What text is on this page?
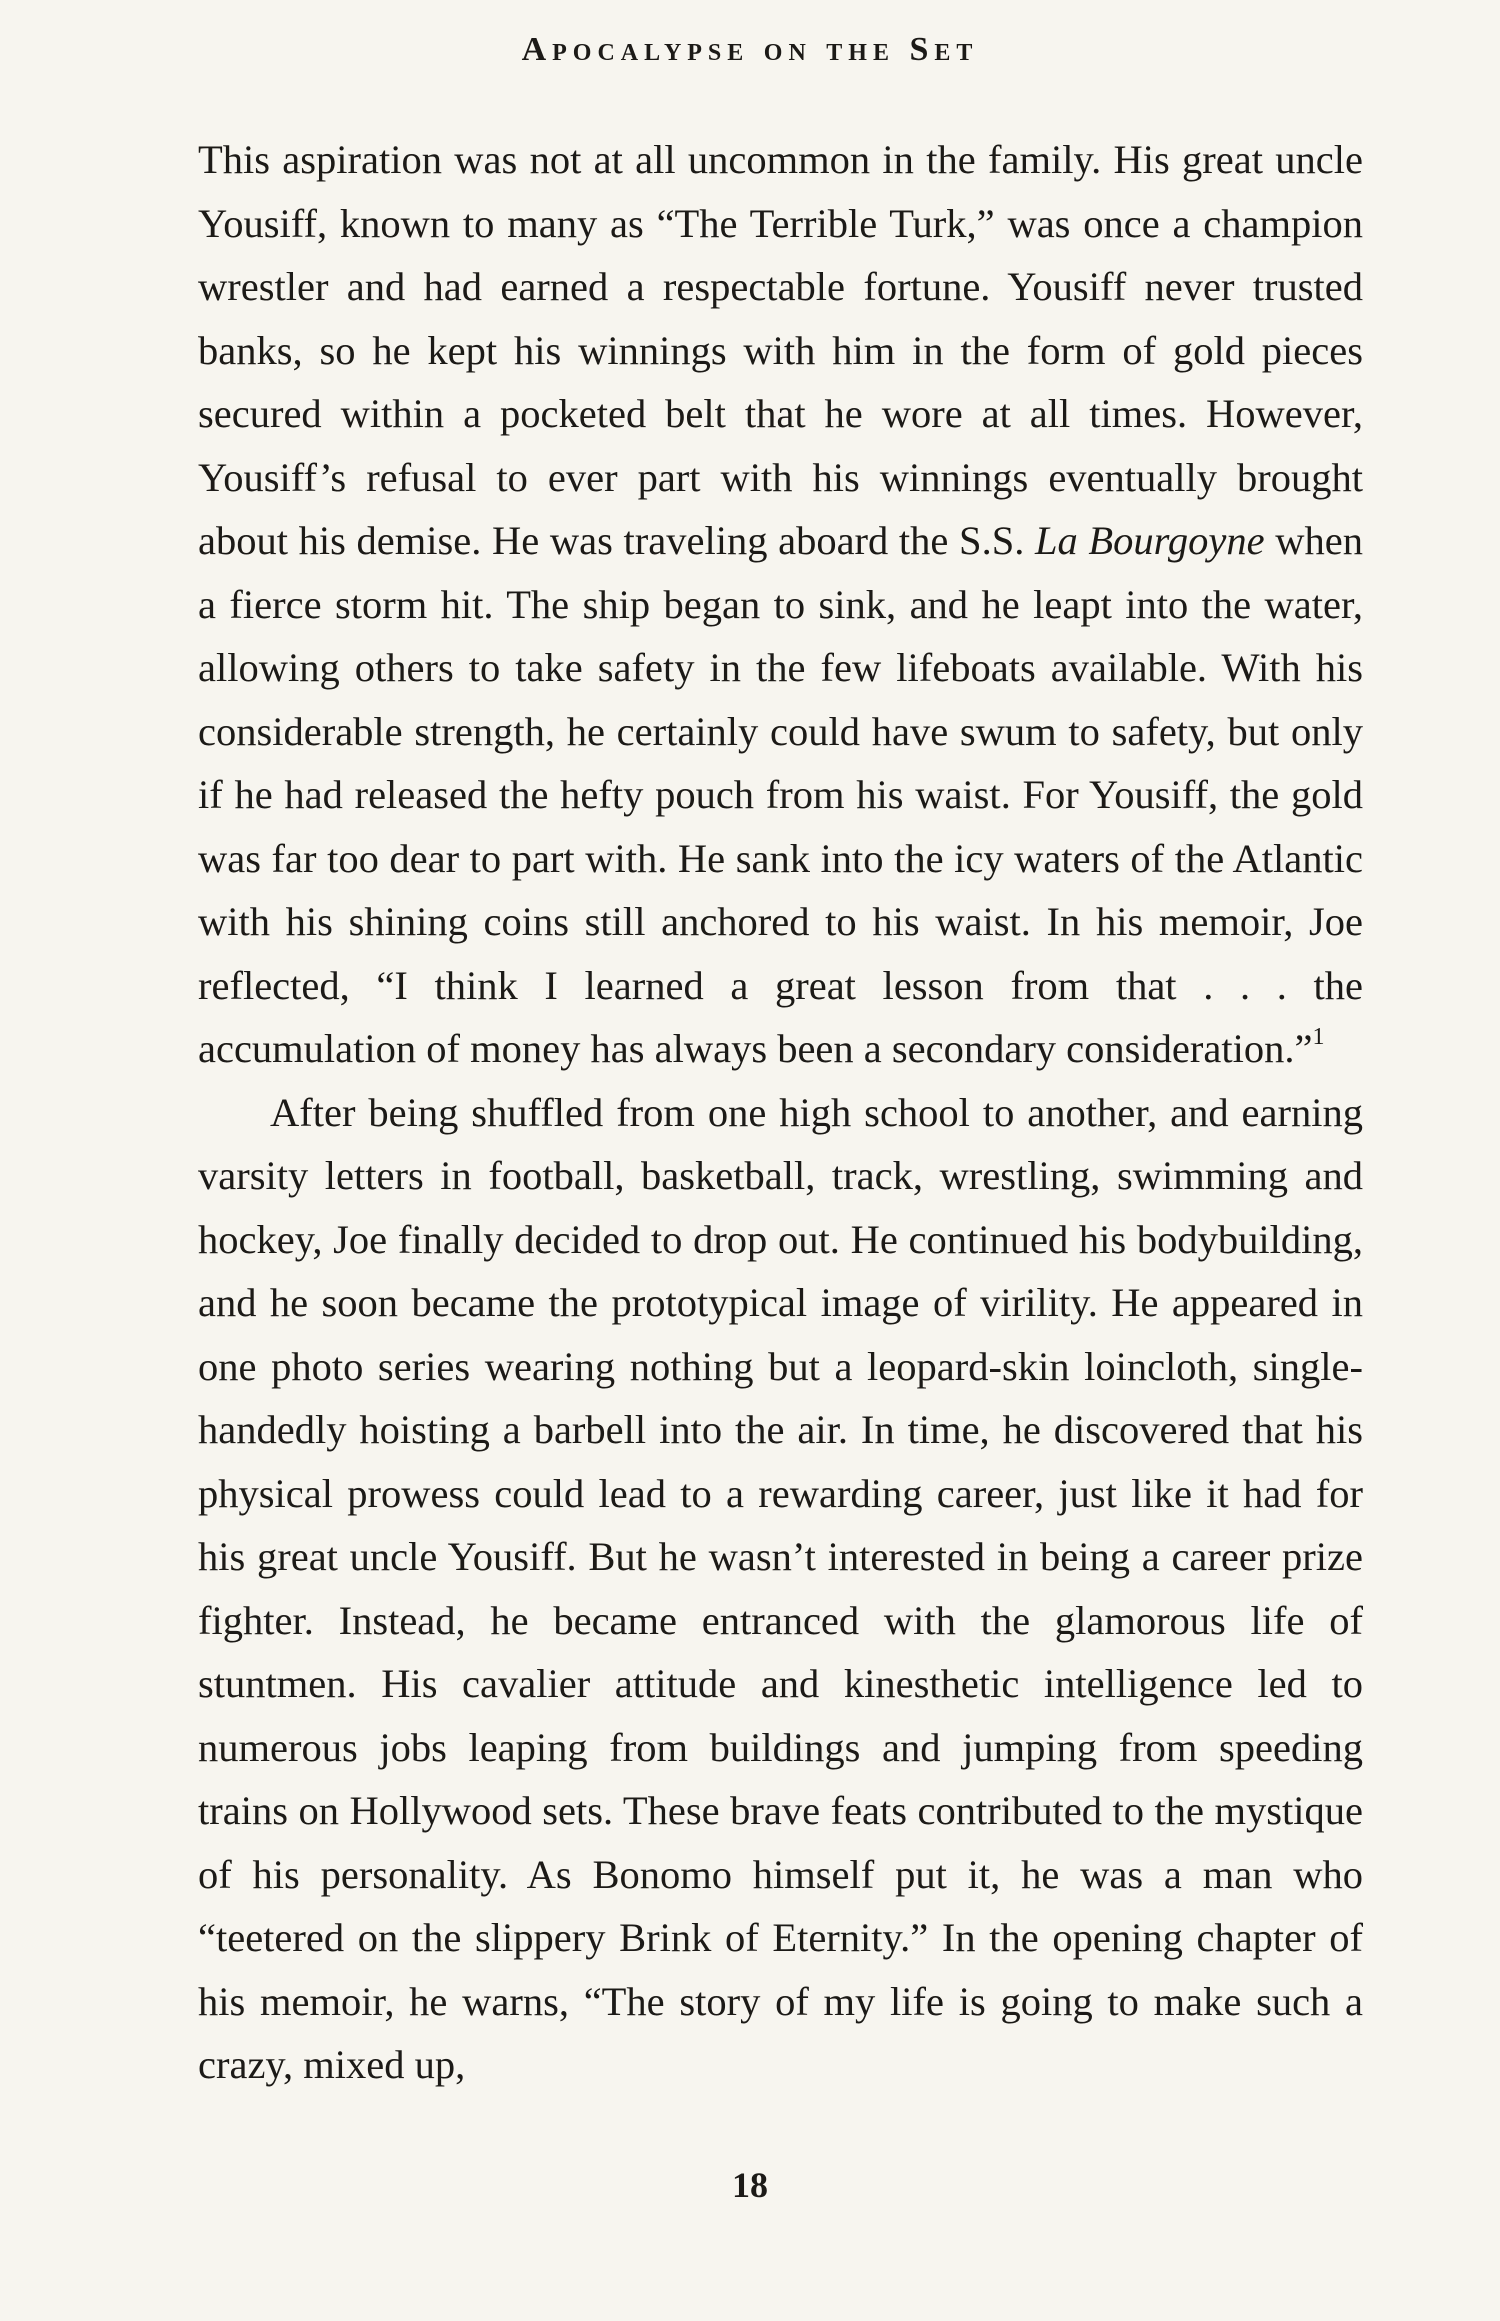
Apocalypse on the Set

This aspiration was not at all uncommon in the family. His great uncle Yousiff, known to many as “The Terrible Turk,” was once a champion wrestler and had earned a respectable fortune. Yousiff never trusted banks, so he kept his winnings with him in the form of gold pieces secured within a pocketed belt that he wore at all times. However, Yousiff’s refusal to ever part with his winnings eventually brought about his demise. He was traveling aboard the S.S. La Bourgoyne when a fierce storm hit. The ship began to sink, and he leapt into the water, allowing others to take safety in the few lifeboats available. With his considerable strength, he certainly could have swum to safety, but only if he had released the hefty pouch from his waist. For Yousiff, the gold was far too dear to part with. He sank into the icy waters of the Atlantic with his shining coins still anchored to his waist. In his memoir, Joe reflected, “I think I learned a great lesson from that . . . the accumulation of money has always been a secondary consideration.”$^1$

After being shuffled from one high school to another, and earning varsity letters in football, basketball, track, wrestling, swimming and hockey, Joe finally decided to drop out. He continued his bodybuilding, and he soon became the prototypical image of virility. He appeared in one photo series wearing nothing but a leopard-skin loincloth, single-handedly hoisting a barbell into the air. In time, he discovered that his physical prowess could lead to a rewarding career, just like it had for his great uncle Yousiff. But he wasn’t interested in being a career prize fighter. Instead, he became entranced with the glamorous life of stuntmen. His cavalier attitude and kinesthetic intelligence led to numerous jobs leaping from buildings and jumping from speeding trains on Hollywood sets. These brave feats contributed to the mystique of his personality. As Bonomo himself put it, he was a man who “teetered on the slippery Brink of Eternity.” In the opening chapter of his memoir, he warns, “The story of my life is going to make such a crazy, mixed up,

18
